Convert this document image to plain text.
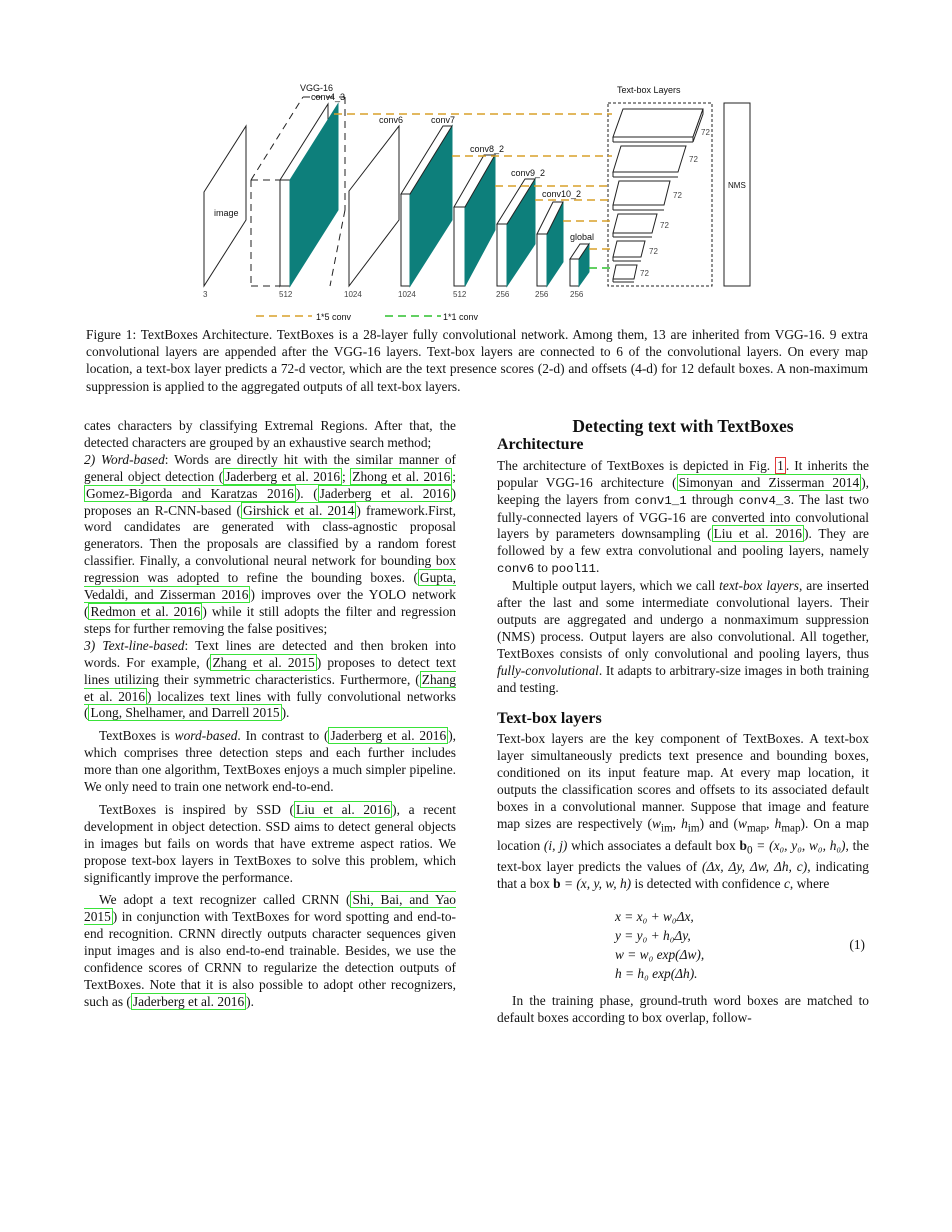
VGG-16
conv4_3
conv6	conv7
conv8_2
conv9_2
conv10_2
global
image
Text-box Layers
NMS
1*5 conv	1*1 conv
3	512	1024	1024	512	256	256	256
72
72
72
72
72
72
Figure 1: TextBoxes Architecture. TextBoxes is a 28-layer fully convolutional network. Among them, 13 are inherited from VGG-16. 9 extra convolutional layers are appended after the VGG-16 layers. Text-box layers are connected to 6 of the convolutional layers. On every map location, a text-box layer predicts a 72-d vector, which are the text presence scores (2-d) and offsets (4-d) for 12 default boxes. A non-maximum suppression is applied to the aggregated outputs of all text-box layers.

cates characters by classifying Extremal Regions. After that, the detected characters are grouped by an exhaustive search method;

2) Word-based: Words are directly hit with the similar manner of general object detection ( Jaderberg et al. 2016 ; Zhong et al. 2016 ; Gomez-Bigorda and Karatzas 2016 ). ( Jaderberg et al. 2016 ) proposes an R-CNN-based ( Girshick et al. 2014 ) framework.First, word candidates are generated with class-agnostic proposal generators. Then the proposals are classified by a random forest classifier. Finally, a convolutional neural network for bounding box regression was adopted to refine the bounding boxes. ( Gupta, Vedaldi, and Zisserman 2016 ) improves over the YOLO network ( Redmon et al. 2016 ) while it still adopts the filter and regression steps for further removing the false positives;

3) Text-line-based: Text lines are detected and then broken into words. For example, ( Zhang et al. 2015 ) proposes to detect text lines utilizing their symmetric characteristics. Furthermore, ( Zhang et al. 2016 ) localizes text lines with fully convolutional networks ( Long, Shelhamer, and Darrell 2015 ).

TextBoxes is word-based. In contrast to ( Jaderberg et al. 2016 ), which comprises three detection steps and each further includes more than one algorithm, TextBoxes enjoys a much simpler pipeline. We only need to train one network end-to-end.

TextBoxes is inspired by SSD ( Liu et al. 2016 ), a recent development in object detection. SSD aims to detect general objects in images but fails on words that have extreme aspect ratios. We propose text-box layers in TextBoxes to solve this problem, which significantly improve the performance.

We adopt a text recognizer called CRNN ( Shi, Bai, and Yao 2015 ) in conjunction with TextBoxes for word spotting and end-to-end recognition. CRNN directly outputs character sequences given input images and is also end-to-end trainable. Besides, we use the confidence scores of CRNN to regularize the detection outputs of TextBoxes. Note that it is also possible to adopt other recognizers, such as ( Jaderberg et al. 2016 ).

Detecting text with TextBoxes
Architecture

The architecture of TextBoxes is depicted in Fig. 1 . It inherits the popular VGG-16 architecture ( Simonyan and Zisserman 2014 ), keeping the layers from conv1_1 through conv4_3. The last two fully-connected layers of VGG-16 are converted into convolutional layers by parameters downsampling ( Liu et al. 2016 ). They are followed by a few extra convolutional and pooling layers, namely conv6 to pool11.

Multiple output layers, which we call text-box layers, are inserted after the last and some intermediate convolutional layers. Their outputs are aggregated and undergo a nonmaximum suppression (NMS) process. Output layers are also convolutional. All together, TextBoxes consists of only convolutional and pooling layers, thus fully-convolutional. It adapts to arbitrary-size images in both training and testing.

Text-box layers

Text-box layers are the key component of TextBoxes. A text-box layer simultaneously predicts text presence and bounding boxes, conditioned on its input feature map. At every map location, it outputs the classification scores and offsets to its associated default boxes in a convolutional manner. Suppose that image and feature map sizes are respectively ($w_{im}$, $h_{im}$) and ($w_{map}$, $h_{map}$). On a map location (i, j) which associates a default box $b_0 = (x_0$, y₀, w₀, h₀), the text-box layer predicts the values of (Δx, Δy, Δw, Δh, c), indicating that a box b = (x, y, w, h) is detected with confidence c, where

x = x₀ + w₀Δx,
y = y₀ + h₀Δy,
w = w₀ exp(Δw),
h = h₀ exp(Δh).
(1)

In the training phase, ground-truth word boxes are matched to default boxes according to box overlap, follow-
